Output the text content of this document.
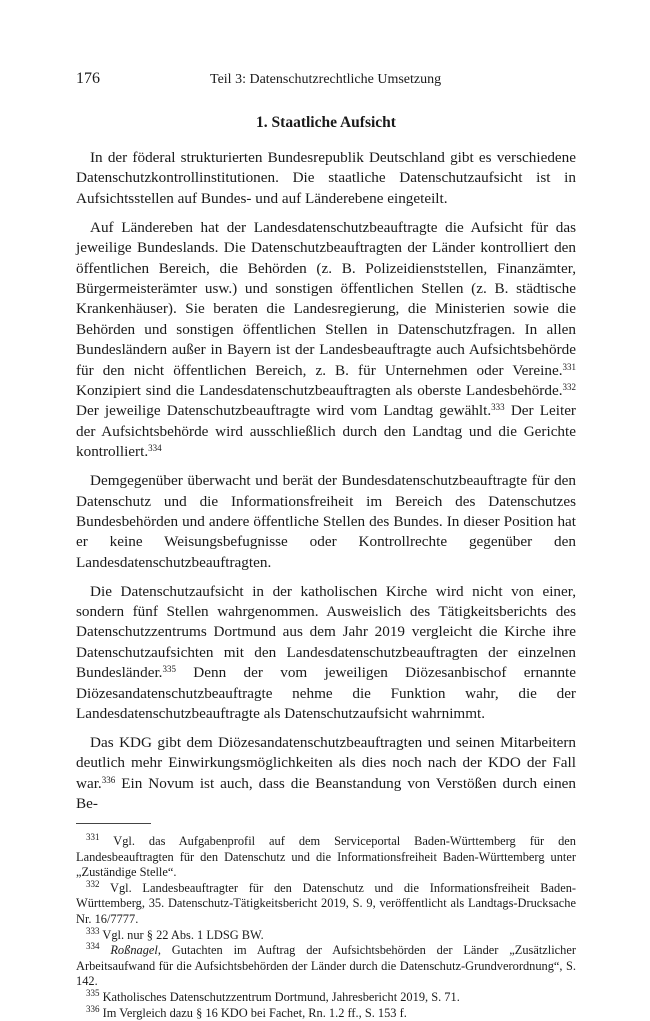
176	Teil 3: Datenschutzrechtliche Umsetzung
1. Staatliche Aufsicht

In der föderal strukturierten Bundesrepublik Deutschland gibt es verschiedene Datenschutzkontrollinstitutionen. Die staatliche Datenschutzaufsicht ist in Aufsichtsstellen auf Bundes- und auf Länderebene eingeteilt.

Auf Ländereben hat der Landesdatenschutzbeauftragte die Aufsicht für das jeweilige Bundeslands. Die Datenschutzbeauftragten der Länder kontrolliert den öffentlichen Bereich, die Behörden (z. B. Polizeidienststellen, Finanzämter, Bürgermeisterämter usw.) und sonstigen öffentlichen Stellen (z. B. städtische Krankenhäuser). Sie beraten die Landesregierung, die Ministerien sowie die Behörden und sonstigen öffentlichen Stellen in Datenschutzfragen. In allen Bundesländern außer in Bayern ist der Landesbeauftragte auch Aufsichtsbehörde für den nicht öffentlichen Bereich, z. B. für Unternehmen oder Vereine.$^{331}$ Konzipiert sind die Landesdatenschutzbeauftragten als oberste Landesbehörde.$^{332}$ Der jeweilige Datenschutzbeauftragte wird vom Landtag gewählt.$^{333}$ Der Leiter der Aufsichtsbehörde wird ausschließlich durch den Landtag und die Gerichte kontrolliert.$^{334}$

Demgegenüber überwacht und berät der Bundesdatenschutzbeauftragte für den Datenschutz und die Informationsfreiheit im Bereich des Datenschutzes Bundesbehörden und andere öffentliche Stellen des Bundes. In dieser Position hat er keine Weisungsbefugnisse oder Kontrollrechte gegenüber den Landesdatenschutzbeauftragten.

Die Datenschutzaufsicht in der katholischen Kirche wird nicht von einer, sondern fünf Stellen wahrgenommen. Ausweislich des Tätigkeitsberichts des Datenschutzzentrums Dortmund aus dem Jahr 2019 vergleicht die Kirche ihre Datenschutzaufsichten mit den Landesdatenschutzbeauftragten der einzelnen Bundesländer.$^{335}$ Denn der vom jeweiligen Diözesanbischof ernannte Diözesandatenschutzbeauftragte nehme die Funktion wahr, die der Landesdatenschutzbeauftragte als Datenschutzaufsicht wahrnimmt.

Das KDG gibt dem Diözesandatenschutzbeauftragten und seinen Mitarbeitern deutlich mehr Einwirkungsmöglichkeiten als dies noch nach der KDO der Fall war.$^{336}$ Ein Novum ist auch, dass die Beanstandung von Verstößen durch einen Be-

$^{331}$ Vgl. das Aufgabenprofil auf dem Serviceportal Baden-Württemberg für den Landesbeauftragten für den Datenschutz und die Informationsfreiheit Baden-Württemberg unter „Zuständige Stelle“.

$^{332}$ Vgl. Landesbeauftragter für den Datenschutz und die Informationsfreiheit Baden-Württemberg, 35. Datenschutz-Tätigkeitsbericht 2019, S. 9, veröffentlicht als Landtags-Drucksache Nr. 16/7777.

$^{333}$ Vgl. nur § 22 Abs. 1 LDSG BW.

$^{334}$ Roßnagel, Gutachten im Auftrag der Aufsichtsbehörden der Länder „Zusätzlicher Arbeitsaufwand für die Aufsichtsbehörden der Länder durch die Datenschutz-Grundverordnung“, S. 142.

$^{335}$ Katholisches Datenschutzzentrum Dortmund, Jahresbericht 2019, S. 71.

$^{336}$ Im Vergleich dazu § 16 KDO bei Fachet, Rn. 1.2 ff., S. 153 f.
